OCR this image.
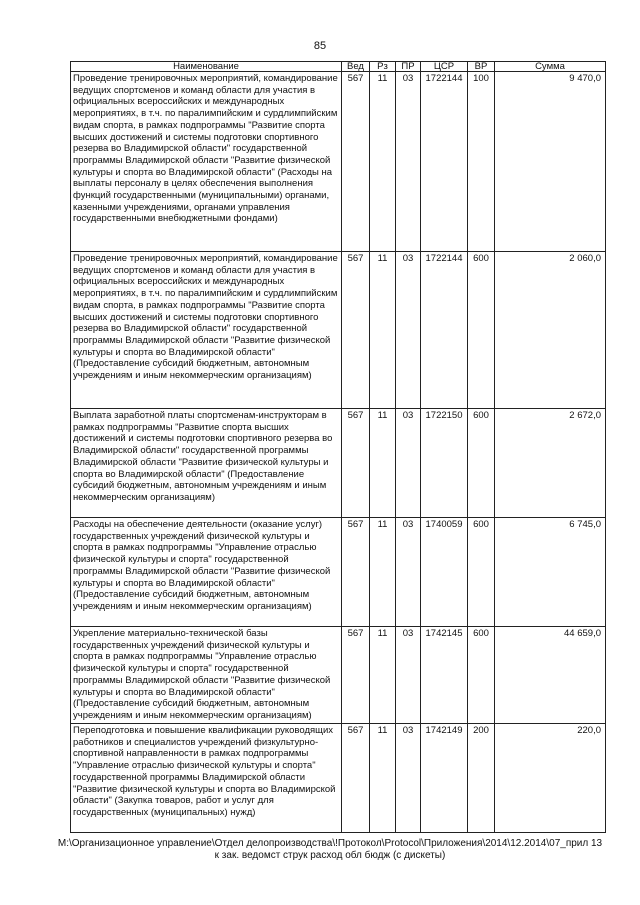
85
Наименование	Вед	Рз	ПР	ЦСР	ВР	Сумма
Проведение тренировочных мероприятий, командирование ведущих спортсменов и команд области для участия в официальных всероссийских и международных мероприятиях, в т.ч. по паралимпийским и сурдлимпийским видам спорта, в рамках подпрограммы "Развитие спорта высших достижений и системы подготовки спортивного резерва во Владимирской области" государственной программы Владимирской области "Развитие физической культуры и спорта во Владимирской области" (Расходы на выплаты персоналу в целях обеспечения выполнения функций государственными (муниципальными) органами, казенными учреждениями, органами управления государственными внебюджетными фондами)	567	11	03	1722144	100	9 470,0
Проведение тренировочных мероприятий, командирование ведущих спортсменов и команд области для участия в официальных всероссийских и международных мероприятиях, в т.ч. по паралимпийским и сурдлимпийским видам спорта, в рамках подпрограммы "Развитие спорта высших достижений и системы подготовки спортивного резерва во Владимирской области" государственной программы Владимирской области "Развитие физической культуры и спорта во Владимирской области" (Предоставление субсидий бюджетным, автономным учреждениям и иным некоммерческим организациям)	567	11	03	1722144	600	2 060,0
Выплата заработной платы спортсменам-инструкторам в рамках подпрограммы "Развитие спорта высших достижений и системы подготовки спортивного резерва во Владимирской области" государственной программы Владимирской области "Развитие физической культуры и спорта во Владимирской области" (Предоставление субсидий бюджетным, автономным учреждениям и иным некоммерческим организациям)	567	11	03	1722150	600	2 672,0
Расходы на обеспечение деятельности (оказание услуг) государственных учреждений физической культуры и спорта в рамках подпрограммы "Управление отраслью физической культуры и спорта" государственной программы Владимирской области "Развитие физической культуры и спорта во Владимирской области" (Предоставление субсидий бюджетным, автономным учреждениям и иным некоммерческим организациям)	567	11	03	1740059	600	6 745,0
Укрепление материально-технической базы государственных учреждений физической культуры и спорта в рамках подпрограммы "Управление отраслью физической культуры и спорта" государственной программы Владимирской области "Развитие физической культуры и спорта во Владимирской области" (Предоставление субсидий бюджетным, автономным учреждениям и иным некоммерческим организациям)	567	11	03	1742145	600	44 659,0
Переподготовка и повышение квалификации руководящих работников и специалистов учреждений физкультурно-спортивной направленности в рамках подпрограммы "Управление отраслью физической культуры и спорта" государственной программы Владимирской области "Развитие физической культуры и спорта во Владимирской области" (Закупка товаров, работ и услуг для государственных (муниципальных) нужд)	567	11	03	1742149	200	220,0
М:\Организационное управление\Отдел делопроизводства\!Протокол\Protocol\Приложения\2014\12.2014\07_прил 13
к зак. ведомст струк расход обл бюдж (с дискеты)
